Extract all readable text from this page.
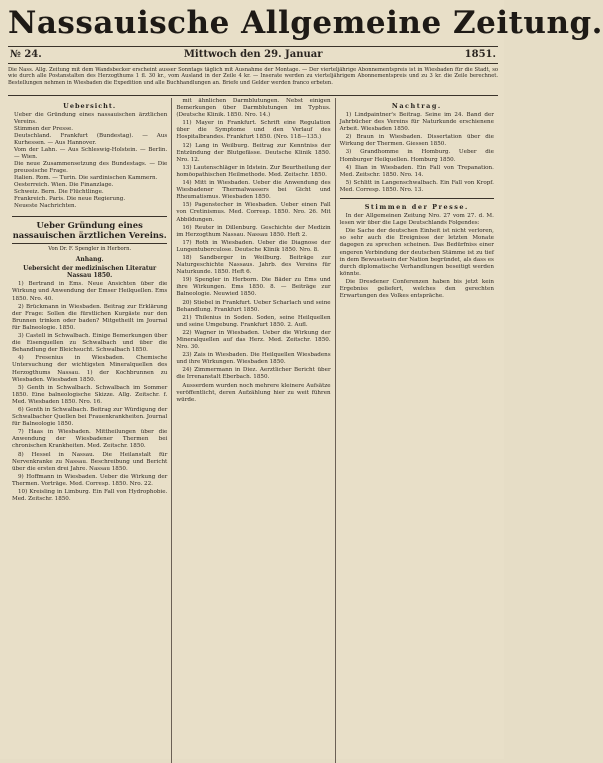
Nassauische Allgemeine Zeitung.
№ 24.	Mittwoch den 29. Januar	1851.
Die Nass. Allg. Zeitung mit dem Wandsbecker erscheint ausser Sonntags täglich mit Ausnahme der Montage. — Der vierteljährige Abonnementspreis ist in Wiesbaden für die Stadt, so wie durch alle Postanstalten des Herzogthums 1 fl. 30 kr., vom Ausland in der Zeile 4 kr. — Inserate werden zu vierteljährigem Abonnementspreis und zu 3 kr. die Zeile berechnet. Bestellungen nehmen in Wiesbaden die Expedition und alle Buchhandlungen an. Briefe und Gelder werden franco erbeten.
Uebersicht.
Ueber die Gründung eines nassauischen ärztlichen Vereins.
Stimmen der Presse.
Deutschland. Frankfurt (Bundestag). — Aus Kurhessen. — Aus Hannover.
Vom der Lahn. — Aus Schleswig-Holstein. — Berlin. — Wien.
Die neue Zusammensetzung des Bundestags. — Die preussische Frage.
Italien. Rom. — Turin. Die sardinischen Kammern.
Oesterreich. Wien. Die Finanzlage.
Schweiz. Bern. Die Flüchtlinge.
Frankreich. Paris. Die neue Regierung.
Neueste Nachrichten.
Ueber Gründung eines nassauischen ärztlichen Vereins.
Von Dr. F. Spengler in Herborn.
Anhang.
Uebersicht der medizinischen Literatur Nassau 1850.

1) Bertrand in Ems. Neue Ansichten über die Wirkung und Anwendung der Emser Heilquellen. Ems 1850. Nro. 40.

2) Brückmann in Wiesbaden. Beitrag zur Erklärung der Frage: Sollen die fürstlichen Kurgäste nur den Brunnen trinken oder baden? Mitgetheilt im Journal für Balneologie. 1850.

3) Castell in Schwalbach. Einige Bemerkungen über die Eisenquellen zu Schwalbach und über die Behandlung der Bleichsucht. Schwalbach 1850.

4) Fresenius in Wiesbaden. Chemische Untersuchung der wichtigsten Mineralquellen des Herzogthums Nassau. 1) der Kochbrunnen zu Wiesbaden. Wiesbaden 1850.

5) Genth in Schwalbach. Schwalbach im Sommer 1850. Eine balneologische Skizze. Allg. Zeitschr. f. Med. Wiesbaden 1850. Nro. 16.

6) Genth in Schwalbach. Beitrag zur Würdigung der Schwalbacher Quellen bei Frauenkrankheiten. Journal für Balneologie 1850.

7) Haas in Wiesbaden. Mittheilungen über die Anwendung der Wiesbadener Thermen bei chronischen Krankheiten. Med. Zeitschr. 1850.

8) Hessel in Nassau. Die Heilanstalt für Nervenkranke zu Nassau. Beschreibung und Bericht über die ersten drei Jahre. Nassau 1850.

9) Hoffmann in Wiesbaden. Ueber die Wirkung der Thermen. Vorträge. Med. Corresp. 1850. Nro. 22.

10) Kreisling in Limburg. Ein Fall von Hydrophobie. Med. Zeitschr. 1850.

mit ähnlichen Darmblutungen. Nebst einigen Bemerkungen über Darmblutungen im Typhus. (Deutsche Klinik. 1850. Nro. 14.)

11) Mayer in Frankfurt. Schrift eine Regulation über die Symptome und den Verlauf des Hospitalbrandes. Frankfurt 1850. (Nro. 118—135.)

12) Lang in Weilburg. Beitrag zur Kenntniss der Entzündung der Blutgefässe. Deutsche Klinik 1850. Nro. 12.

13) Lautenschläger in Idstein. Zur Beurtheilung der homöopathischen Heilmethode. Med. Zeitschr. 1850.

14) Mitt in Wiesbaden. Ueber die Anwendung des Wiesbadener Thermalwassers bei Gicht und Rheumatismus. Wiesbaden 1850.

15) Pagenstecher in Wiesbaden. Ueber einen Fall von Cretinismus. Med. Corresp. 1850. Nro. 26. Mit Abbildungen.

16) Reuter in Dillenburg. Geschichte der Medizin im Herzogthum Nassau. Nassau 1850. Heft 2.

17) Roth in Wiesbaden. Ueber die Diagnose der Lungentuberculose. Deutsche Klinik 1850. Nro. 8.

18) Sandberger in Weilburg. Beiträge zur Naturgeschichte Nassaus. Jahrb. des Vereins für Naturkunde. 1850. Heft 6.

19) Spengler in Herborn. Die Bäder zu Ems und ihre Wirkungen. Ems 1850. 8. — Beiträge zur Balneologie. Neuwied 1850.

20) Stiebel in Frankfurt. Ueber Scharlach und seine Behandlung. Frankfurt 1850.

21) Thilenius in Soden. Soden, seine Heilquellen und seine Umgebung. Frankfurt 1850. 2. Aufl.

22) Wagner in Wiesbaden. Ueber die Wirkung der Mineralquellen auf das Herz. Med. Zeitschr. 1850. Nro. 30.

23) Zais in Wiesbaden. Die Heilquellen Wiesbadens und ihre Wirkungen. Wiesbaden 1850.

24) Zimmermann in Diez. Aerztlicher Bericht über die Irrenanstalt Eberbach. 1850.

Ausserdem wurden noch mehrere kleinere Aufsätze veröffentlicht, deren Aufzählung hier zu weit führen würde.

Nachtrag.

1) Lindpaintner's Beitrag. Seine im 24. Band der Jahrbücher des Vereins für Naturkunde erschienene Arbeit. Wiesbaden 1850.

2) Braun in Wiesbaden. Dissertation über die Wirkung der Thermen. Giessen 1850.

3) Grandhomme in Homburg. Ueber die Homburger Heilquellen. Homburg 1850.

4) Ilian in Wiesbaden. Ein Fall von Trepanation. Med. Zeitschr. 1850. Nro. 14.

5) Schlitt in Langenschwalbach. Ein Fall von Kropf. Med. Corresp. 1850. Nro. 13.

Stimmen der Presse.

In der Allgemeinen Zeitung Nro. 27 vom 27. d. M. lesen wir über die Lage Deutschlands Folgendes:

Die Sache der deutschen Einheit ist nicht verloren, so sehr auch die Ereignisse der letzten Monate dagegen zu sprechen scheinen. Das Bedürfniss einer engeren Verbindung der deutschen Stämme ist zu tief in dem Bewusstsein der Nation begründet, als dass es durch diplomatische Verhandlungen beseitigt werden könnte.

Die Dresdener Conferenzen haben bis jetzt kein Ergebniss geliefert, welches den gerechten Erwartungen des Volkes entspräche.
